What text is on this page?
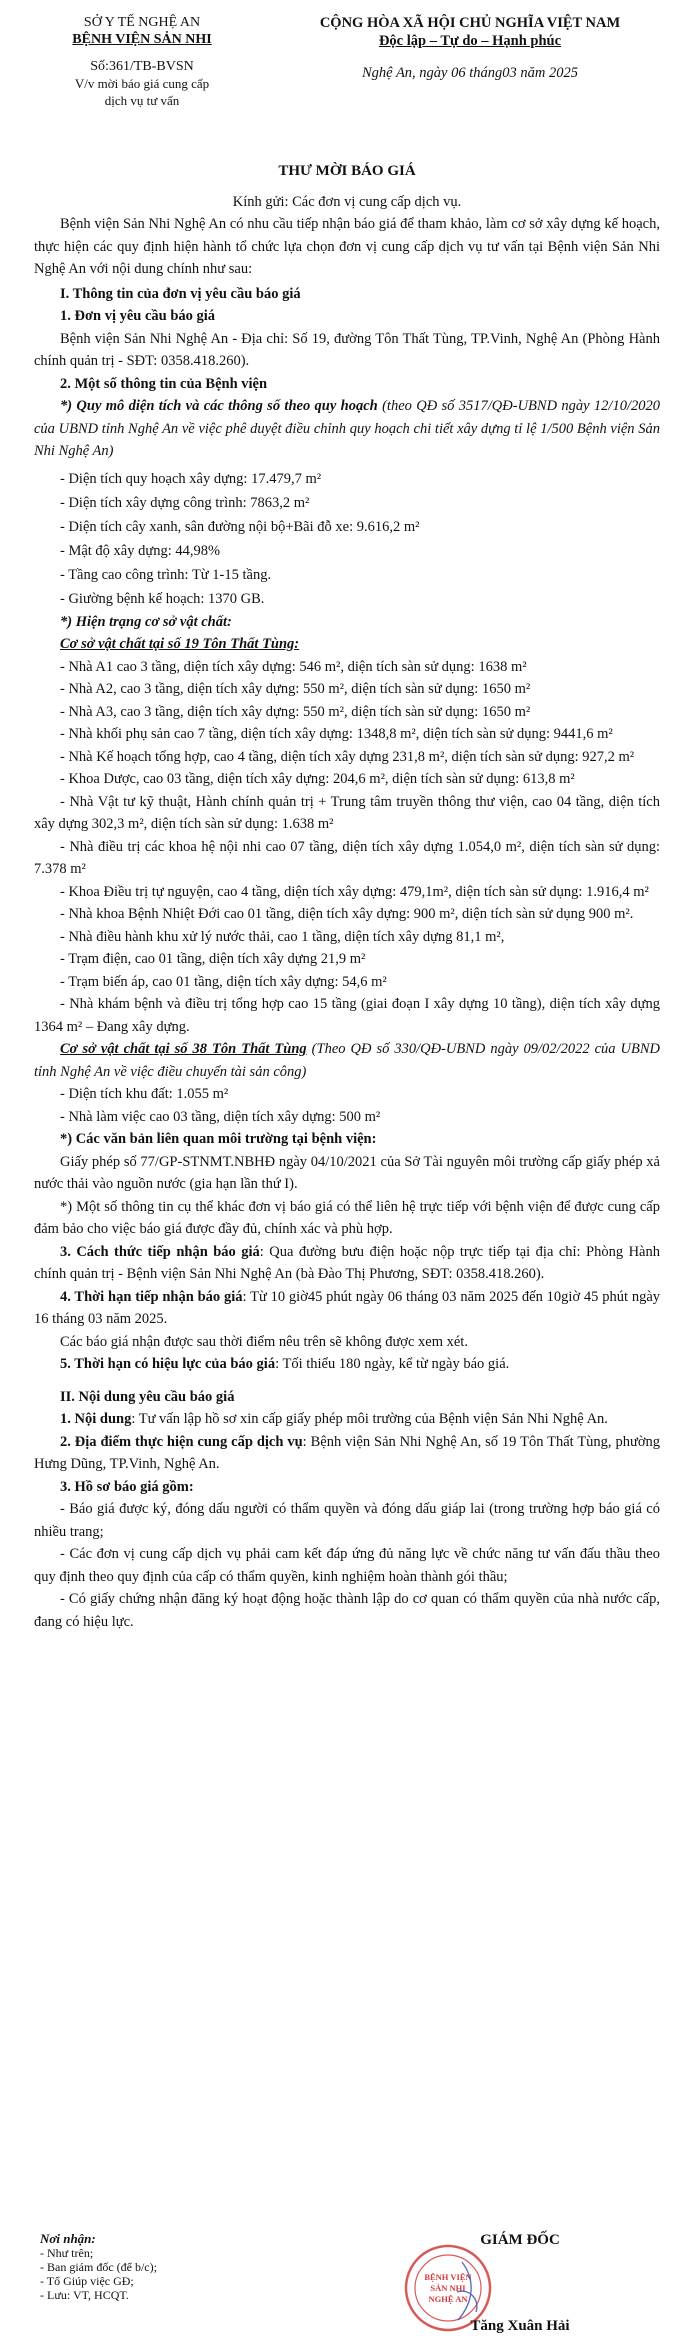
SỞ Y TẾ NGHỆ AN
BỆNH VIỆN SẢN NHI
Số:361/TB-BVSN
V/v mời báo giá cung cấp
dịch vụ tư vấn
CỘNG HÒA XÃ HỘI CHỦ NGHĨA VIỆT NAM
Độc lập – Tự do – Hạnh phúc
Nghệ An, ngày 06 tháng03 năm 2025

THƯ MỜI BÁO GIÁ

Kính gửi: Các đơn vị cung cấp dịch vụ.

Bệnh viện Sản Nhi Nghệ An có nhu cầu tiếp nhận báo giá để tham khảo, làm cơ sở xây dựng kế hoạch, thực hiện các quy định hiện hành tổ chức lựa chọn đơn vị cung cấp dịch vụ tư vấn tại Bệnh viện Sản Nhi Nghệ An với nội dung chính như sau:

I. Thông tin của đơn vị yêu cầu báo giá

1. Đơn vị yêu cầu báo giá

Bệnh viện Sản Nhi Nghệ An - Địa chỉ: Số 19, đường Tôn Thất Tùng, TP.Vinh, Nghệ An (Phòng Hành chính quản trị - SĐT: 0358.418.260).

2. Một số thông tin của Bệnh viện

*) Quy mô diện tích và các thông số theo quy hoạch (theo QĐ số 3517/QĐ-UBND ngày 12/10/2020 của UBND tỉnh Nghệ An về việc phê duyệt điều chỉnh quy hoạch chi tiết xây dựng tỉ lệ 1/500 Bệnh viện Sản Nhi Nghệ An)

- Diện tích quy hoạch xây dựng: 17.479,7 m²

- Diện tích xây dựng công trình: 7863,2 m²

- Diện tích cây xanh, sân đường nội bộ+Bãi đỗ xe: 9.616,2 m²

- Mật độ xây dựng: 44,98%

- Tầng cao công trình: Từ 1-15 tầng.

- Giường bệnh kế hoạch: 1370 GB.

*) Hiện trạng cơ sở vật chất:

Cơ sở vật chất tại số 19 Tôn Thất Tùng:

- Nhà A1 cao 3 tầng, diện tích xây dựng: 546 m², diện tích sàn sử dụng: 1638 m²

- Nhà A2, cao 3 tầng, diện tích xây dựng: 550 m², diện tích sàn sử dụng: 1650 m²

- Nhà A3, cao 3 tầng, diện tích xây dựng: 550 m², diện tích sàn sử dụng: 1650 m²

- Nhà khối phụ sản cao 7 tầng, diện tích xây dựng: 1348,8 m², diện tích sàn sử dụng: 9441,6 m²

- Nhà Kế hoạch tổng hợp, cao 4 tầng, diện tích xây dựng 231,8 m², diện tích sàn sử dụng: 927,2 m²

- Khoa Dược, cao 03 tầng, diện tích xây dựng: 204,6 m², diện tích sàn sử dụng: 613,8 m²

- Nhà Vật tư kỹ thuật, Hành chính quản trị + Trung tâm truyền thông thư viện, cao 04 tầng, diện tích xây dựng 302,3 m², diện tích sàn sử dụng: 1.638 m²

- Nhà điều trị các khoa hệ nội nhi cao 07 tầng, diện tích xây dựng 1.054,0 m², diện tích sàn sử dụng: 7.378 m²

- Khoa Điều trị tự nguyện, cao 4 tầng, diện tích xây dựng: 479,1m², diện tích sàn sử dụng: 1.916,4 m²

- Nhà khoa Bệnh Nhiệt Đới cao 01 tầng, diện tích xây dựng: 900 m², diện tích sàn sử dụng 900 m².

- Nhà điều hành khu xử lý nước thải, cao 1 tầng, diện tích xây dựng 81,1 m²,

- Trạm điện, cao 01 tầng, diện tích xây dựng 21,9 m²

- Trạm biến áp, cao 01 tầng, diện tích xây dựng: 54,6 m²

- Nhà khám bệnh và điều trị tổng hợp cao 15 tầng (giai đoạn I xây dựng 10 tầng), diện tích xây dựng 1364 m² – Đang xây dựng.

Cơ sở vật chất tại số 38 Tôn Thất Tùng (Theo QĐ số 330/QĐ-UBND ngày 09/02/2022 của UBND tỉnh Nghệ An về việc điều chuyển tài sản công)

- Diện tích khu đất: 1.055 m²

- Nhà làm việc cao 03 tầng, diện tích xây dựng: 500 m²

*) Các văn bản liên quan môi trường tại bệnh viện:

Giấy phép số 77/GP-STNMT.NBHĐ ngày 04/10/2021 của Sở Tài nguyên môi trường cấp giấy phép xả nước thải vào nguồn nước (gia hạn lần thứ I).

*) Một số thông tin cụ thể khác đơn vị báo giá có thể liên hệ trực tiếp với bệnh viện để được cung cấp đảm bảo cho việc báo giá được đầy đủ, chính xác và phù hợp.

3. Cách thức tiếp nhận báo giá: Qua đường bưu điện hoặc nộp trực tiếp tại địa chỉ: Phòng Hành chính quản trị - Bệnh viện Sản Nhi Nghệ An (bà Đào Thị Phương, SĐT: 0358.418.260).

4. Thời hạn tiếp nhận báo giá: Từ 10 giờ45 phút ngày 06 tháng 03 năm 2025 đến 10giờ 45 phút ngày 16 tháng 03 năm 2025.

Các báo giá nhận được sau thời điểm nêu trên sẽ không được xem xét.

5. Thời hạn có hiệu lực của báo giá: Tối thiểu 180 ngày, kể từ ngày báo giá.

II. Nội dung yêu cầu báo giá

1. Nội dung: Tư vấn lập hồ sơ xin cấp giấy phép môi trường của Bệnh viện Sản Nhi Nghệ An.

2. Địa điểm thực hiện cung cấp dịch vụ: Bệnh viện Sản Nhi Nghệ An, số 19 Tôn Thất Tùng, phường Hưng Dũng, TP.Vinh, Nghệ An.

3. Hồ sơ báo giá gồm:

- Báo giá được ký, đóng dấu người có thẩm quyền và đóng dấu giáp lai (trong trường hợp báo giá có nhiều trang;

- Các đơn vị cung cấp dịch vụ phải cam kết đáp ứng đủ năng lực về chức năng tư vấn đấu thầu theo quy định theo quy định của cấp có thẩm quyền, kinh nghiệm hoàn thành gói thầu;

- Có giấy chứng nhận đăng ký hoạt động hoặc thành lập do cơ quan có thẩm quyền của nhà nước cấp, đang có hiệu lực.

Nơi nhận:
- Như trên;
- Ban giám đốc (để b/c);
- Tổ Giúp việc GĐ;
- Lưu: VT, HCQT.
GIÁM ĐỐC
BỆNH VIỆN
SẢN NHI
NGHỆ AN
Tăng Xuân Hải
